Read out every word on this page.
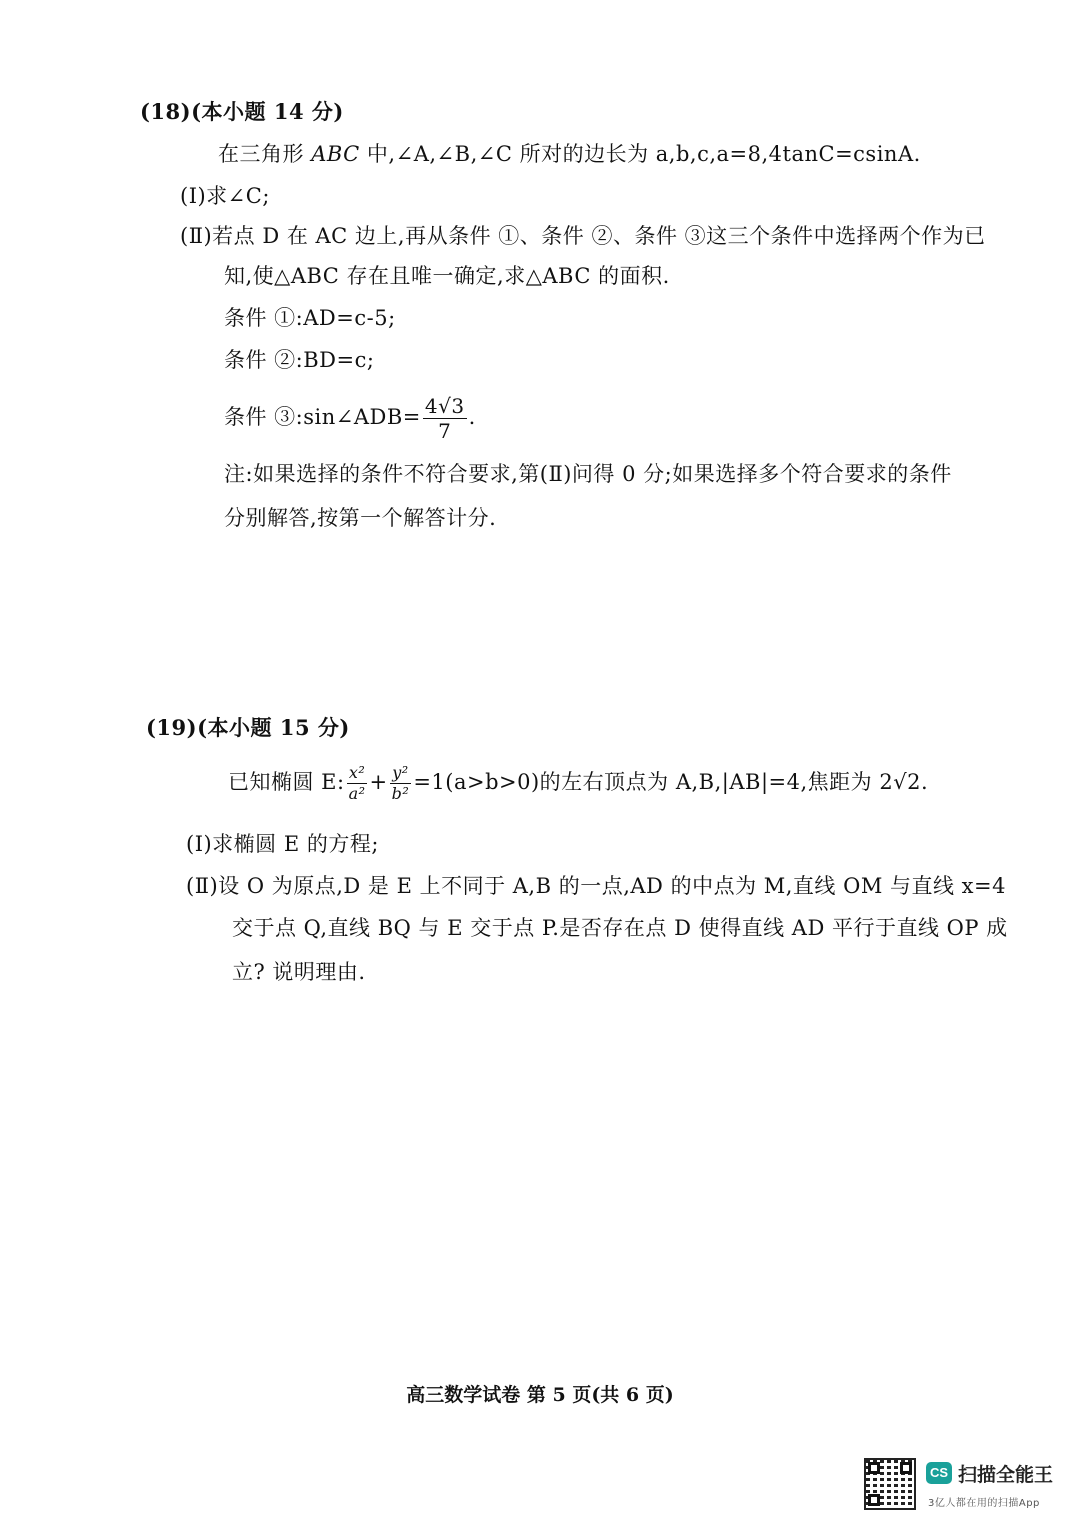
(18)(本小题 14 分)
在三角形 ABC 中,∠A,∠B,∠C 所对的边长为 a,b,c,a=8,4tanC=csinA.
(Ⅰ)求∠C;
(Ⅱ)若点 D 在 AC 边上,再从条件 ①、条件 ②、条件 ③这三个条件中选择两个作为已
知,使△ABC 存在且唯一确定,求△ABC 的面积.
条件 ①:AD=c-5;
条件 ②:BD=c;
条件 ③:sin∠ADB= $\frac{4√3}{7}$ .
注:如果选择的条件不符合要求,第(Ⅱ)问得 0 分;如果选择多个符合要求的条件
分别解答,按第一个解答计分.
(19)(本小题 15 分)
已知椭圆 E: $\frac{\text{x²}}{\text{a²}} + \frac{\text{y²}}{\text{b²}} =1(a>b>0)$的左右顶点为 A,B,|AB|=4,焦距为 2√2.
(Ⅰ)求椭圆 E 的方程;
(Ⅱ)设 O 为原点,D 是 E 上不同于 A,B 的一点,AD 的中点为 M,直线 OM 与直线 x=4
交于点 Q,直线 BQ 与 E 交于点 P.是否存在点 D 使得直线 AD 平行于直线 OP 成
立? 说明理由.
高三数学试卷 第 5 页(共 6 页)
CS 扫描全能王
3亿人都在用的扫描App
